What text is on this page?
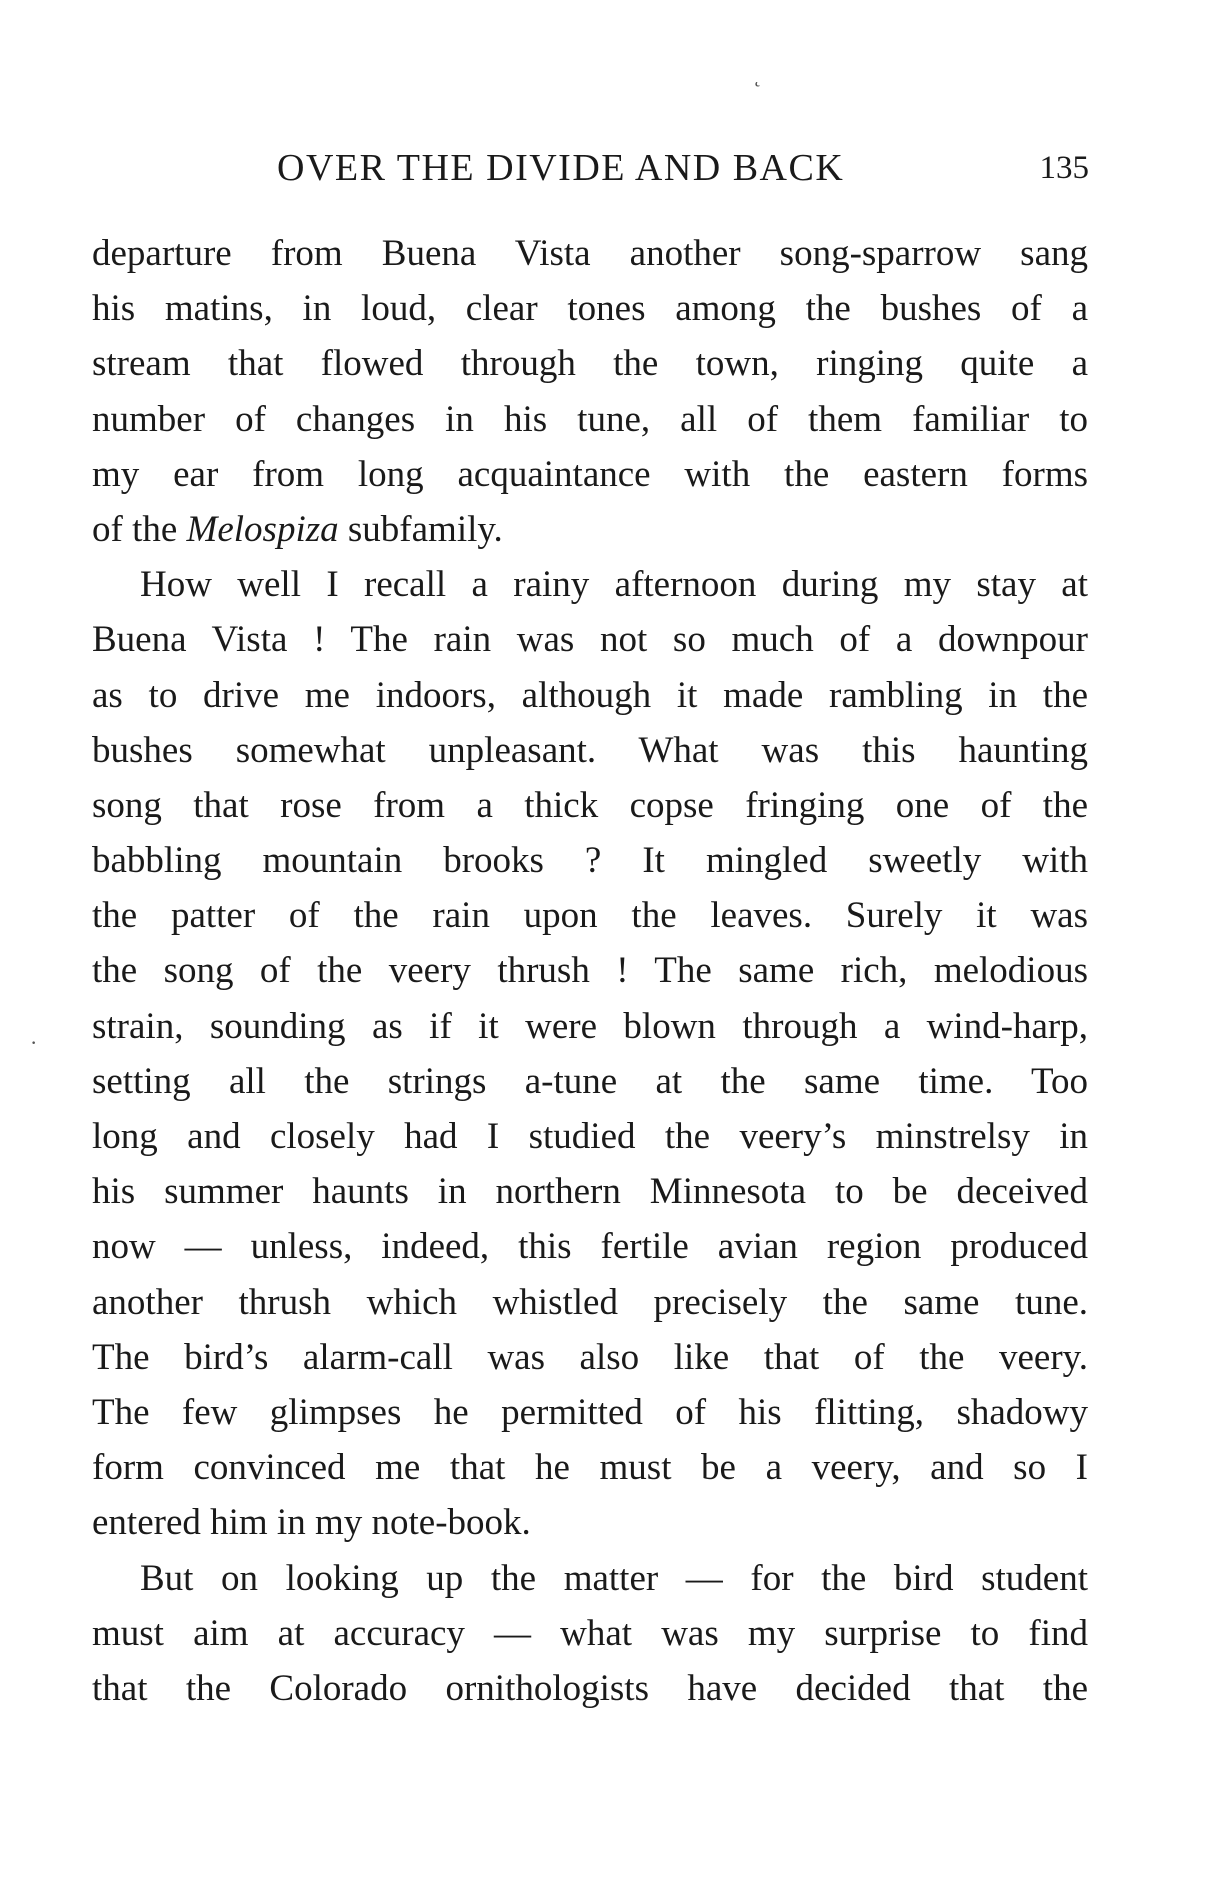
˛
·
OVER THE DIVIDE AND BACK	135
departure from Buena Vista another song-sparrow sang
his matins, in loud, clear tones among the bushes of a
stream that flowed through the town, ringing quite a
number of changes in his tune, all of them familiar to
my ear from long acquaintance with the eastern forms
of the Melospiza subfamily.
How well I recall a rainy afternoon during my stay at
Buena Vista ! The rain was not so much of a downpour
as to drive me indoors, although it made rambling in the
bushes somewhat unpleasant. What was this haunting
song that rose from a thick copse fringing one of the
babbling mountain brooks ? It mingled sweetly with
the patter of the rain upon the leaves. Surely it was
the song of the veery thrush ! The same rich, melodious
strain, sounding as if it were blown through a wind-harp,
setting all the strings a-tune at the same time. Too
long and closely had I studied the veery’s minstrelsy in
his summer haunts in northern Minnesota to be deceived
now — unless, indeed, this fertile avian region produced
another thrush which whistled precisely the same tune.
The bird’s alarm-call was also like that of the veery.
The few glimpses he permitted of his flitting, shadowy
form convinced me that he must be a veery, and so I
entered him in my note-book.
But on looking up the matter — for the bird student
must aim at accuracy — what was my surprise to find
that the Colorado ornithologists have decided that the
